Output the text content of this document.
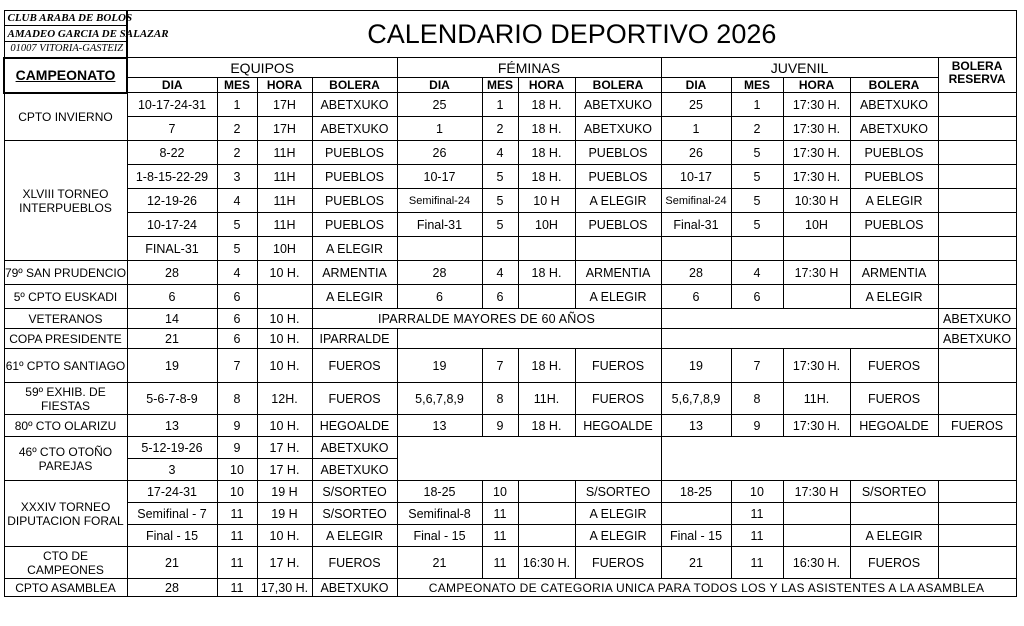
CLUB ARABA DE BOLOS	CALENDARIO DEPORTIVO 2026												
AMADEO GARCIA DE SALAZAR													
01007 VITORIA-GASTEIZ													
CAMPEONATO	EQUIPOS				FÉMINAS				JUVENIL				BOLERA
RESERVA
	DIA	MES	HORA	BOLERA	DIA	MES	HORA	BOLERA	DIA	MES	HORA	BOLERA	
CPTO INVIERNO	10-17-24-31	1	17H	ABETXUKO	25	1	18 H.	ABETXUKO	25	1	17:30 H.	ABETXUKO	
	7	2	17H	ABETXUKO	1	2	18 H.	ABETXUKO	1	2	17:30 H.	ABETXUKO	
XLVIII TORNEO INTERPUEBLOS	8-22	2	11H	PUEBLOS	26	4	18 H.	PUEBLOS	26	5	17:30 H.	PUEBLOS	
	1-8-15-22-29	3	11H	PUEBLOS	10-17	5	18 H.	PUEBLOS	10-17	5	17:30 H.	PUEBLOS	
	12-19-26	4	11H	PUEBLOS	Semifinal-24	5	10 H	A ELEGIR	Semifinal-24	5	10:30 H	A ELEGIR	
	10-17-24	5	11H	PUEBLOS	Final-31	5	10H	PUEBLOS	Final-31	5	10H	PUEBLOS	
	FINAL-31	5	10H	A ELEGIR									
79º SAN PRUDENCIO	28	4	10 H.	ARMENTIA	28	4	18 H.	ARMENTIA	28	4	17:30 H	ARMENTIA	
5º CPTO EUSKADI	6	6		A ELEGIR	6	6		A ELEGIR	6	6		A ELEGIR	
VETERANOS	14	6	10 H.	IPARRALDE MAYORES DE 60 AÑOS									ABETXUKO
COPA PRESIDENTE	21	6	10 H.	IPARRALDE									ABETXUKO
61º CPTO SANTIAGO	19	7	10 H.	FUEROS	19	7	18 H.	FUEROS	19	7	17:30 H.	FUEROS	
59º EXHIB. DE FIESTAS	5-6-7-8-9	8	12H.	FUEROS	5,6,7,8,9	8	11H.	FUEROS	5,6,7,8,9	8	11H.	FUEROS	
80º CTO OLARIZU	13	9	10 H.	HEGOALDE	13	9	18 H.	HEGOALDE	13	9	17:30 H.	HEGOALDE	FUEROS
46º CTO OTOÑO PAREJAS	5-12-19-26	9	17 H.	ABETXUKO									
	3	10	17 H.	ABETXUKO									
XXXIV TORNEO DIPUTACION FORAL	17-24-31	10	19 H	S/SORTEO	18-25	10		S/SORTEO	18-25	10	17:30 H	S/SORTEO	
	Semifinal - 7	11	19 H	S/SORTEO	Semifinal-8	11		A ELEGIR		11			
	Final - 15	11	10 H.	A ELEGIR	Final - 15	11		A ELEGIR	Final - 15	11		A ELEGIR	
CTO DE CAMPEONES	21	11	17 H.	FUEROS	21	11	16:30 H.	FUEROS	21	11	16:30 H.	FUEROS	
CPTO ASAMBLEA	28	11	17,30 H.	ABETXUKO	CAMPEONATO DE CATEGORIA UNICA PARA TODOS LOS Y LAS ASISTENTES A LA ASAMBLEA								
